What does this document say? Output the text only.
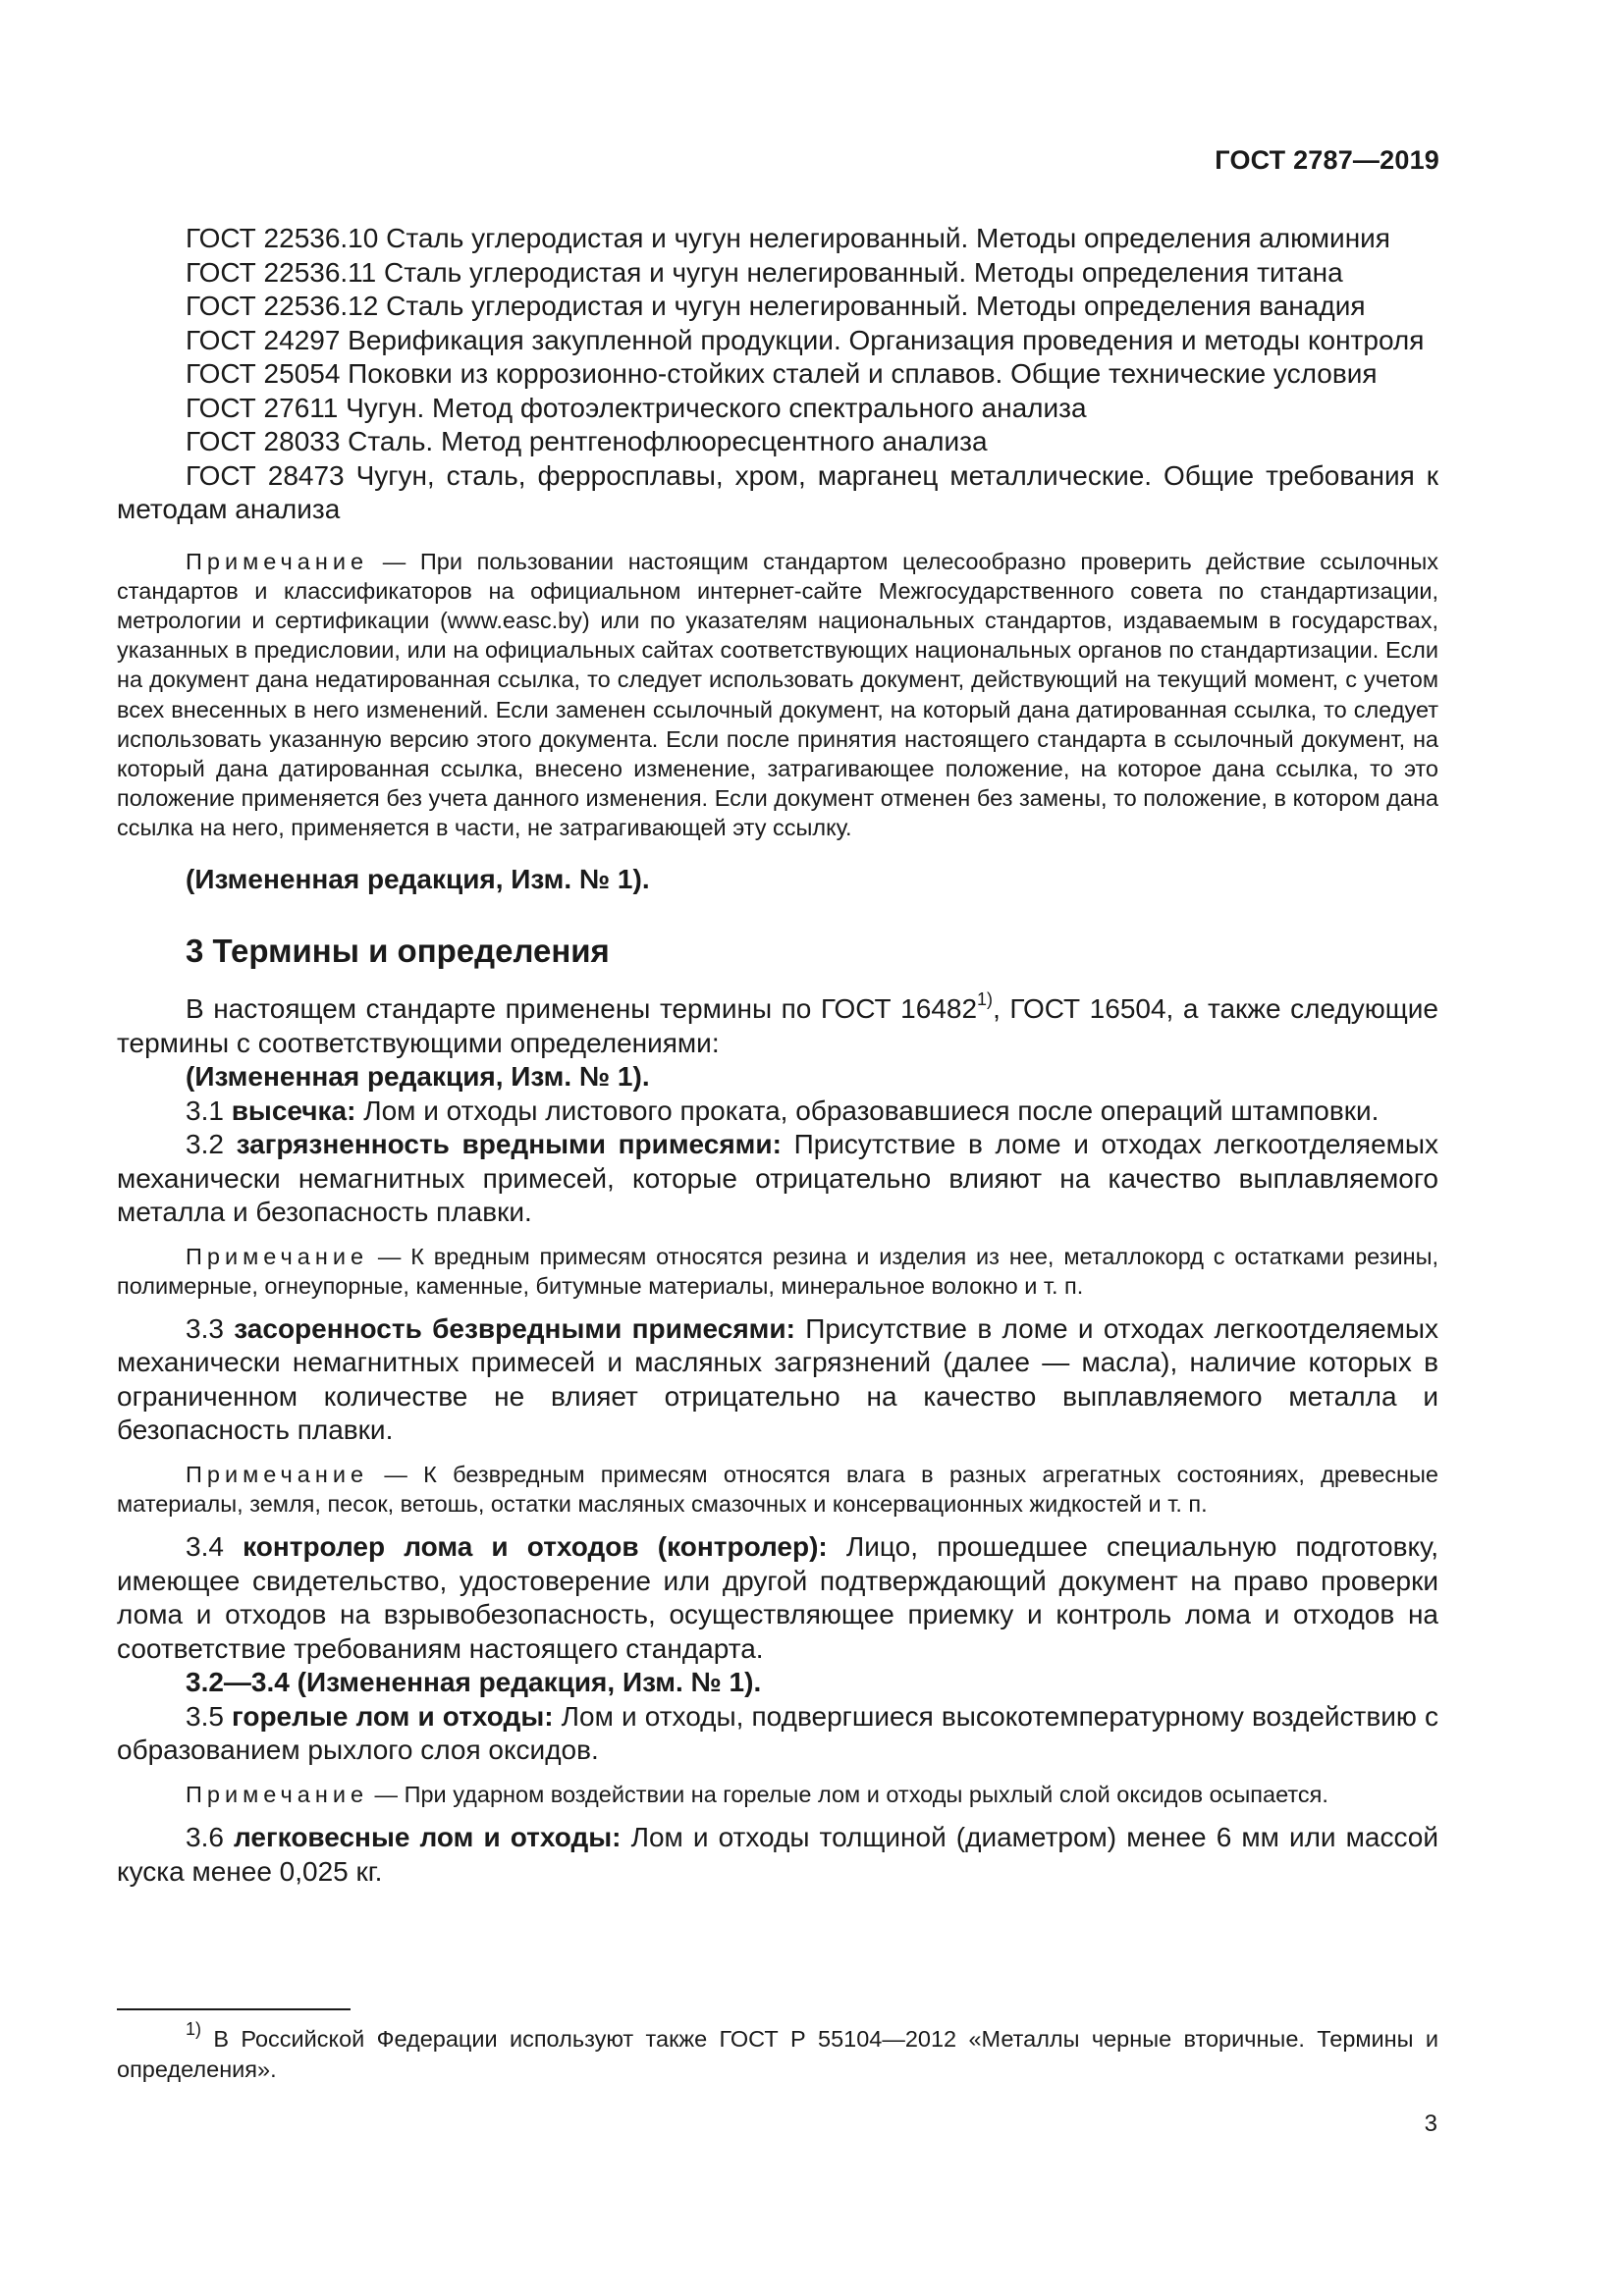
ГОСТ 2787—2019

ГОСТ 22536.10 Сталь углеродистая и чугун нелегированный. Методы определения алюминия

ГОСТ 22536.11 Сталь углеродистая и чугун нелегированный. Методы определения титана

ГОСТ 22536.12 Сталь углеродистая и чугун нелегированный. Методы определения ванадия

ГОСТ 24297 Верификация закупленной продукции. Организация проведения и методы контроля

ГОСТ 25054 Поковки из коррозионно-стойких сталей и сплавов. Общие технические условия

ГОСТ 27611 Чугун. Метод фотоэлектрического спектрального анализа

ГОСТ 28033 Сталь. Метод рентгенофлюоресцентного анализа

ГОСТ 28473 Чугун, сталь, ферросплавы, хром, марганец металлические. Общие требования к методам анализа

Примечание — При пользовании настоящим стандартом целесообразно проверить действие ссылочных стандартов и классификаторов на официальном интернет-сайте Межгосударственного совета по стандартизации, метрологии и сертификации (www.easc.by) или по указателям национальных стандартов, издаваемым в государствах, указанных в предисловии, или на официальных сайтах соответствующих национальных органов по стандартизации. Если на документ дана недатированная ссылка, то следует использовать документ, действующий на текущий момент, с учетом всех внесенных в него изменений. Если заменен ссылочный документ, на который дана датированная ссылка, то следует использовать указанную версию этого документа. Если после принятия настоящего стандарта в ссылочный документ, на который дана датированная ссылка, внесено изменение, затрагивающее положение, на которое дана ссылка, то это положение применяется без учета данного изменения. Если документ отменен без замены, то положение, в котором дана ссылка на него, применяется в части, не затрагивающей эту ссылку.

(Измененная редакция, Изм. № 1).

3 Термины и определения

В настоящем стандарте применены термины по ГОСТ 16482$^{1)}$, ГОСТ 16504, а также следующие термины с соответствующими определениями:

(Измененная редакция, Изм. № 1).

3.1 высечка: Лом и отходы листового проката, образовавшиеся после операций штамповки.

3.2 загрязненность вредными примесями: Присутствие в ломе и отходах легкоотделяемых механически немагнитных примесей, которые отрицательно влияют на качество выплавляемого металла и безопасность плавки.

Примечание — К вредным примесям относятся резина и изделия из нее, металлокорд с остатками резины, полимерные, огнеупорные, каменные, битумные материалы, минеральное волокно и т. п.

3.3 засоренность безвредными примесями: Присутствие в ломе и отходах легкоотделяемых механически немагнитных примесей и масляных загрязнений (далее — масла), наличие которых в ограниченном количестве не влияет отрицательно на качество выплавляемого металла и безопасность плавки.

Примечание — К безвредным примесям относятся влага в разных агрегатных состояниях, древесные материалы, земля, песок, ветошь, остатки масляных смазочных и консервационных жидкостей и т. п.

3.4 контролер лома и отходов (контролер): Лицо, прошедшее специальную подготовку, имеющее свидетельство, удостоверение или другой подтверждающий документ на право проверки лома и отходов на взрывобезопасность, осуществляющее приемку и контроль лома и отходов на соответствие требованиям настоящего стандарта.

3.2—3.4 (Измененная редакция, Изм. № 1).

3.5 горелые лом и отходы: Лом и отходы, подвергшиеся высокотемпературному воздействию с образованием рыхлого слоя оксидов.

Примечание — При ударном воздействии на горелые лом и отходы рыхлый слой оксидов осыпается.

3.6 легковесные лом и отходы: Лом и отходы толщиной (диаметром) менее 6 мм или массой куска менее 0,025 кг.

$^{1)}$ В Российской Федерации используют также ГОСТ Р 55104—2012 «Металлы черные вторичные. Термины и определения».

3
